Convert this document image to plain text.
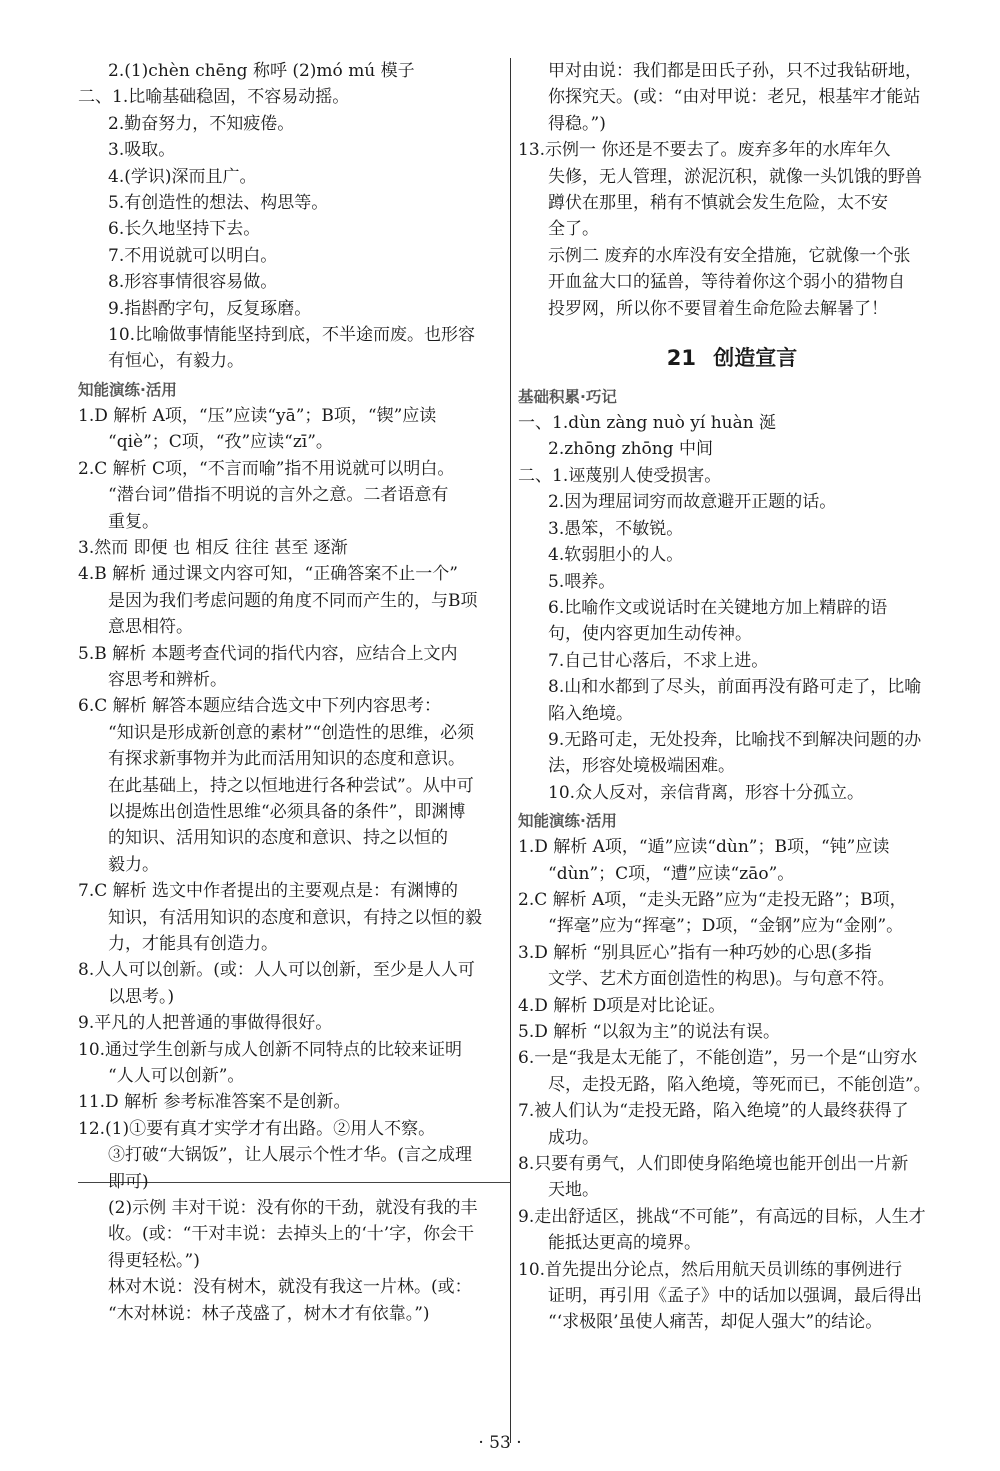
2.(1)chèn chēng 称呼 (2)mó mú 模子
二、1.比喻基础稳固，不容易动摇。
2.勤奋努力，不知疲倦。
3.吸取。
4.(学识)深而且广。
5.有创造性的想法、构思等。
6.长久地坚持下去。
7.不用说就可以明白。
8.形容事情很容易做。
9.指斟酌字句，反复琢磨。
10.比喻做事情能坚持到底，不半途而废。也形容
有恒心，有毅力。
知能演练·活用
1.D 解析 A项，“压”应读“yā”；B项，“锲”应读
“qiè”；C项，“孜”应读“zī”。
2.C 解析 C项，“不言而喻”指不用说就可以明白。
“潜台词”借指不明说的言外之意。二者语意有
重复。
3.然而 即便 也 相反 往往 甚至 逐渐
4.B 解析 通过课文内容可知，“正确答案不止一个”
是因为我们考虑问题的角度不同而产生的，与B项
意思相符。
5.B 解析 本题考查代词的指代内容，应结合上文内
容思考和辨析。
6.C 解析 解答本题应结合选文中下列内容思考：
“知识是形成新创意的素材”“创造性的思维，必须
有探求新事物并为此而活用知识的态度和意识。
在此基础上，持之以恒地进行各种尝试”。从中可
以提炼出创造性思维“必须具备的条件”，即渊博
的知识、活用知识的态度和意识、持之以恒的
毅力。
7.C 解析 选文中作者提出的主要观点是：有渊博的
知识，有活用知识的态度和意识，有持之以恒的毅
力，才能具有创造力。
8.人人可以创新。(或：人人可以创新，至少是人人可
以思考。)
9.平凡的人把普通的事做得很好。
10.通过学生创新与成人创新不同特点的比较来证明
“人人可以创新”。
11.D 解析 参考标准答案不是创新。
12.(1)①要有真才实学才有出路。②用人不察。
③打破“大锅饭”，让人展示个性才华。(言之成理
即可)
(2)示例 丰对干说：没有你的干劲，就没有我的丰
收。(或：“干对丰说：去掉头上的‘十’字，你会干
得更轻松。”)
林对木说：没有树木，就没有我这一片林。(或：
“木对林说：林子茂盛了，树木才有依靠。”)
甲对由说：我们都是田氏子孙，只不过我钻研地，
你探究天。(或：“由对甲说：老兄，根基牢才能站
得稳。”)
13.示例一 你还是不要去了。废弃多年的水库年久
失修，无人管理，淤泥沉积，就像一头饥饿的野兽
蹲伏在那里，稍有不慎就会发生危险，太不安
全了。
示例二 废弃的水库没有安全措施，它就像一个张
开血盆大口的猛兽，等待着你这个弱小的猎物自
投罗网，所以你不要冒着生命危险去解暑了！
21 创造宣言
基础积累·巧记
一、1.dùn zàng nuò yí huàn 涎
2.zhōng zhōng 中间
二、1.诬蔑别人使受损害。
2.因为理屈词穷而故意避开正题的话。
3.愚笨，不敏锐。
4.软弱胆小的人。
5.喂养。
6.比喻作文或说话时在关键地方加上精辟的语
句，使内容更加生动传神。
7.自己甘心落后，不求上进。
8.山和水都到了尽头，前面再没有路可走了，比喻
陷入绝境。
9.无路可走，无处投奔，比喻找不到解决问题的办
法，形容处境极端困难。
10.众人反对，亲信背离，形容十分孤立。
知能演练·活用
1.D 解析 A项，“遁”应读“dùn”；B项，“钝”应读
“dùn”；C项，“遭”应读“zāo”。
2.C 解析 A项，“走头无路”应为“走投无路”；B项，
“挥毫”应为“挥毫”；D项，“金钢”应为“金刚”。
3.D 解析 “别具匠心”指有一种巧妙的心思(多指
文学、艺术方面创造性的构思)。与句意不符。
4.D 解析 D项是对比论证。
5.D 解析 “以叙为主”的说法有误。
6.一是“我是太无能了，不能创造”，另一个是“山穷水
尽，走投无路，陷入绝境，等死而已，不能创造”。
7.被人们认为“走投无路，陷入绝境”的人最终获得了
成功。
8.只要有勇气，人们即使身陷绝境也能开创出一片新
天地。
9.走出舒适区，挑战“不可能”，有高远的目标，人生才
能抵达更高的境界。
10.首先提出分论点，然后用航天员训练的事例进行
证明，再引用《孟子》中的话加以强调，最后得出
“‘求极限’虽使人痛苦，却促人强大”的结论。
· 53 ·
